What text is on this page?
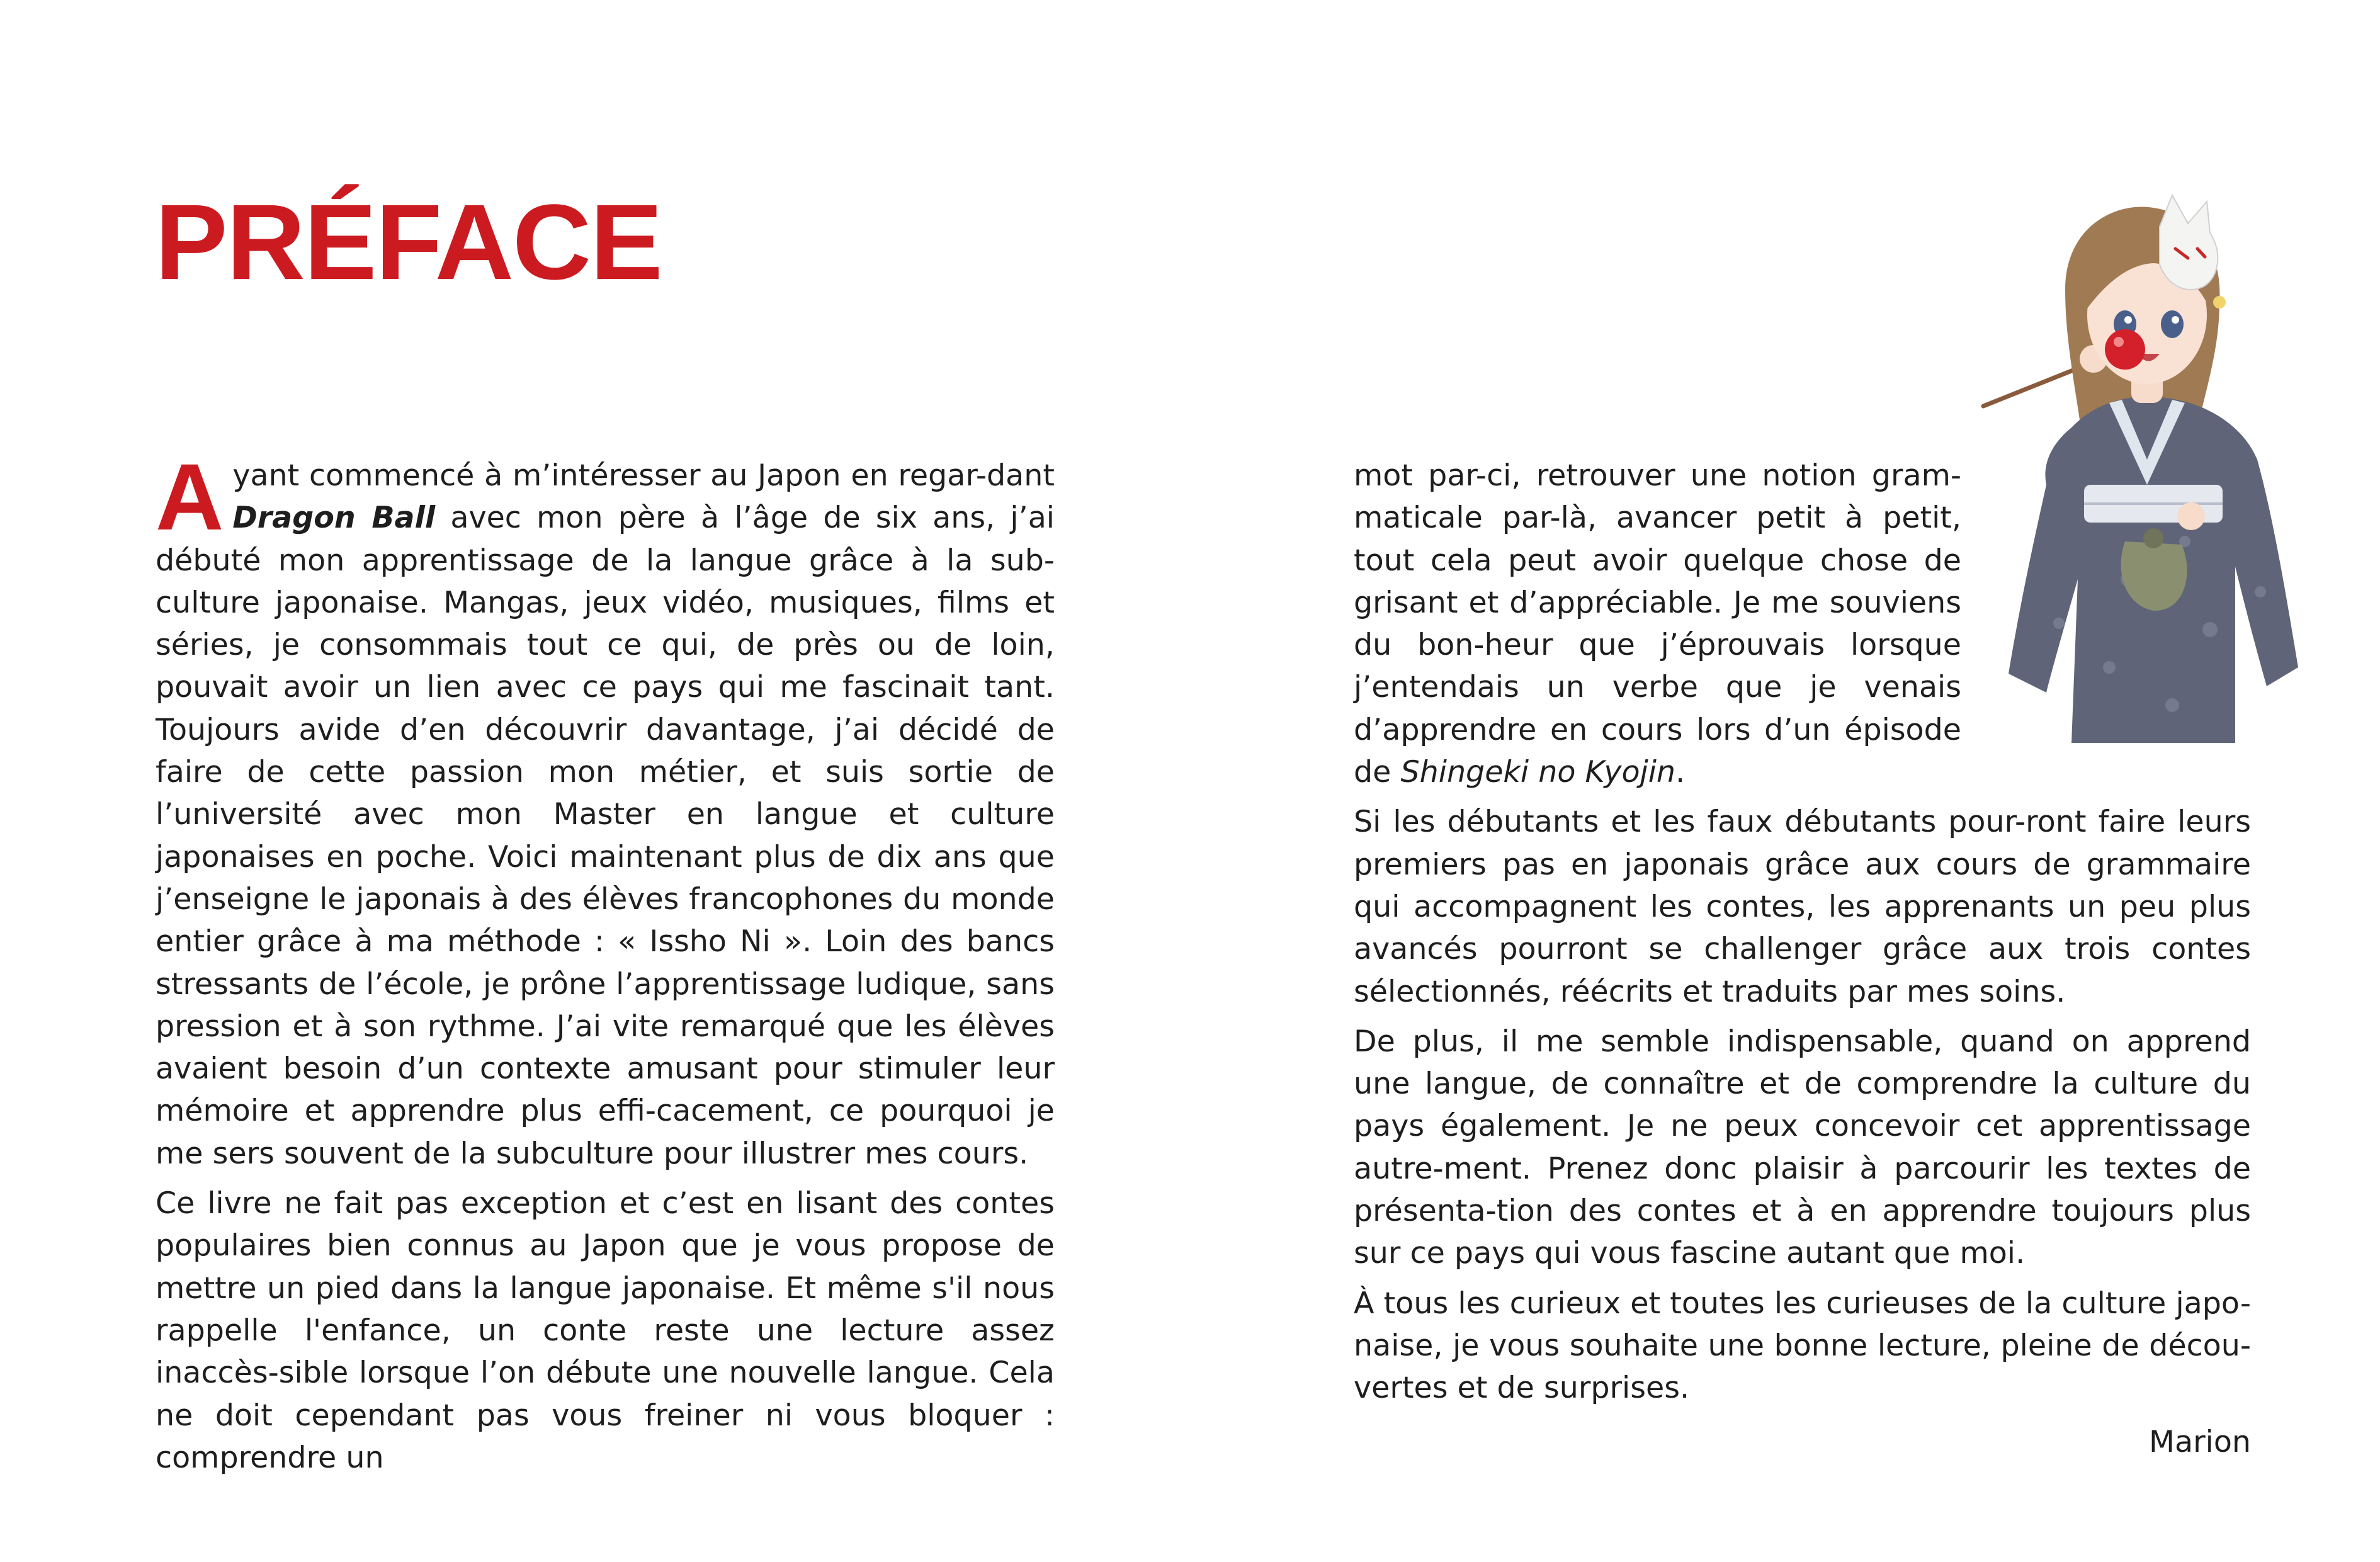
PRÉFACE

Ayant commencé à m’intéresser au Japon en regar-dant Dragon Ball avec mon père à l’âge de six ans, j’ai débuté mon apprentissage de la langue grâce à la sub-culture japonaise. Mangas, jeux vidéo, musiques, films et séries, je consommais tout ce qui, de près ou de loin, pouvait avoir un lien avec ce pays qui me fascinait tant. Toujours avide d’en découvrir davantage, j’ai décidé de faire de cette passion mon métier, et suis sortie de l’université avec mon Master en langue et culture japonaises en poche. Voici maintenant plus de dix ans que j’enseigne le japonais à des élèves francophones du monde entier grâce à ma méthode : « Issho Ni ». Loin des bancs stressants de l’école, je prône l’apprentissage ludique, sans pression et à son rythme. J’ai vite remarqué que les élèves avaient besoin d’un contexte amusant pour stimuler leur mémoire et apprendre plus effi-cacement, ce pourquoi je me sers souvent de la subculture pour illustrer mes cours.

Ce livre ne fait pas exception et c’est en lisant des contes populaires bien connus au Japon que je vous propose de mettre un pied dans la langue japonaise. Et même s'il nous rappelle l'enfance, un conte reste une lecture assez inaccès-sible lorsque l’on débute une nouvelle langue. Cela ne doit cependant pas vous freiner ni vous bloquer : comprendre un

mot par-ci, retrouver une notion gram-maticale par-là, avancer petit à petit, tout cela peut avoir quelque chose de grisant et d’appréciable. Je me souviens du bon-heur que j’éprouvais lorsque j’entendais un verbe que je venais d’apprendre en cours lors d’un épisode de Shingeki no Kyojin.

Si les débutants et les faux débutants pour-ront faire leurs premiers pas en japonais grâce aux cours de grammaire qui accompagnent les contes, les apprenants un peu plus avancés pourront se challenger grâce aux trois contes sélectionnés, réécrits et traduits par mes soins.

De plus, il me semble indispensable, quand on apprend une langue, de connaître et de comprendre la culture du pays également. Je ne peux concevoir cet apprentissage autre-ment. Prenez donc plaisir à parcourir les textes de présenta-tion des contes et à en apprendre toujours plus sur ce pays qui vous fascine autant que moi.

À tous les curieux et toutes les curieuses de la culture japo-naise, je vous souhaite une bonne lecture, pleine de décou-vertes et de surprises.

Marion
